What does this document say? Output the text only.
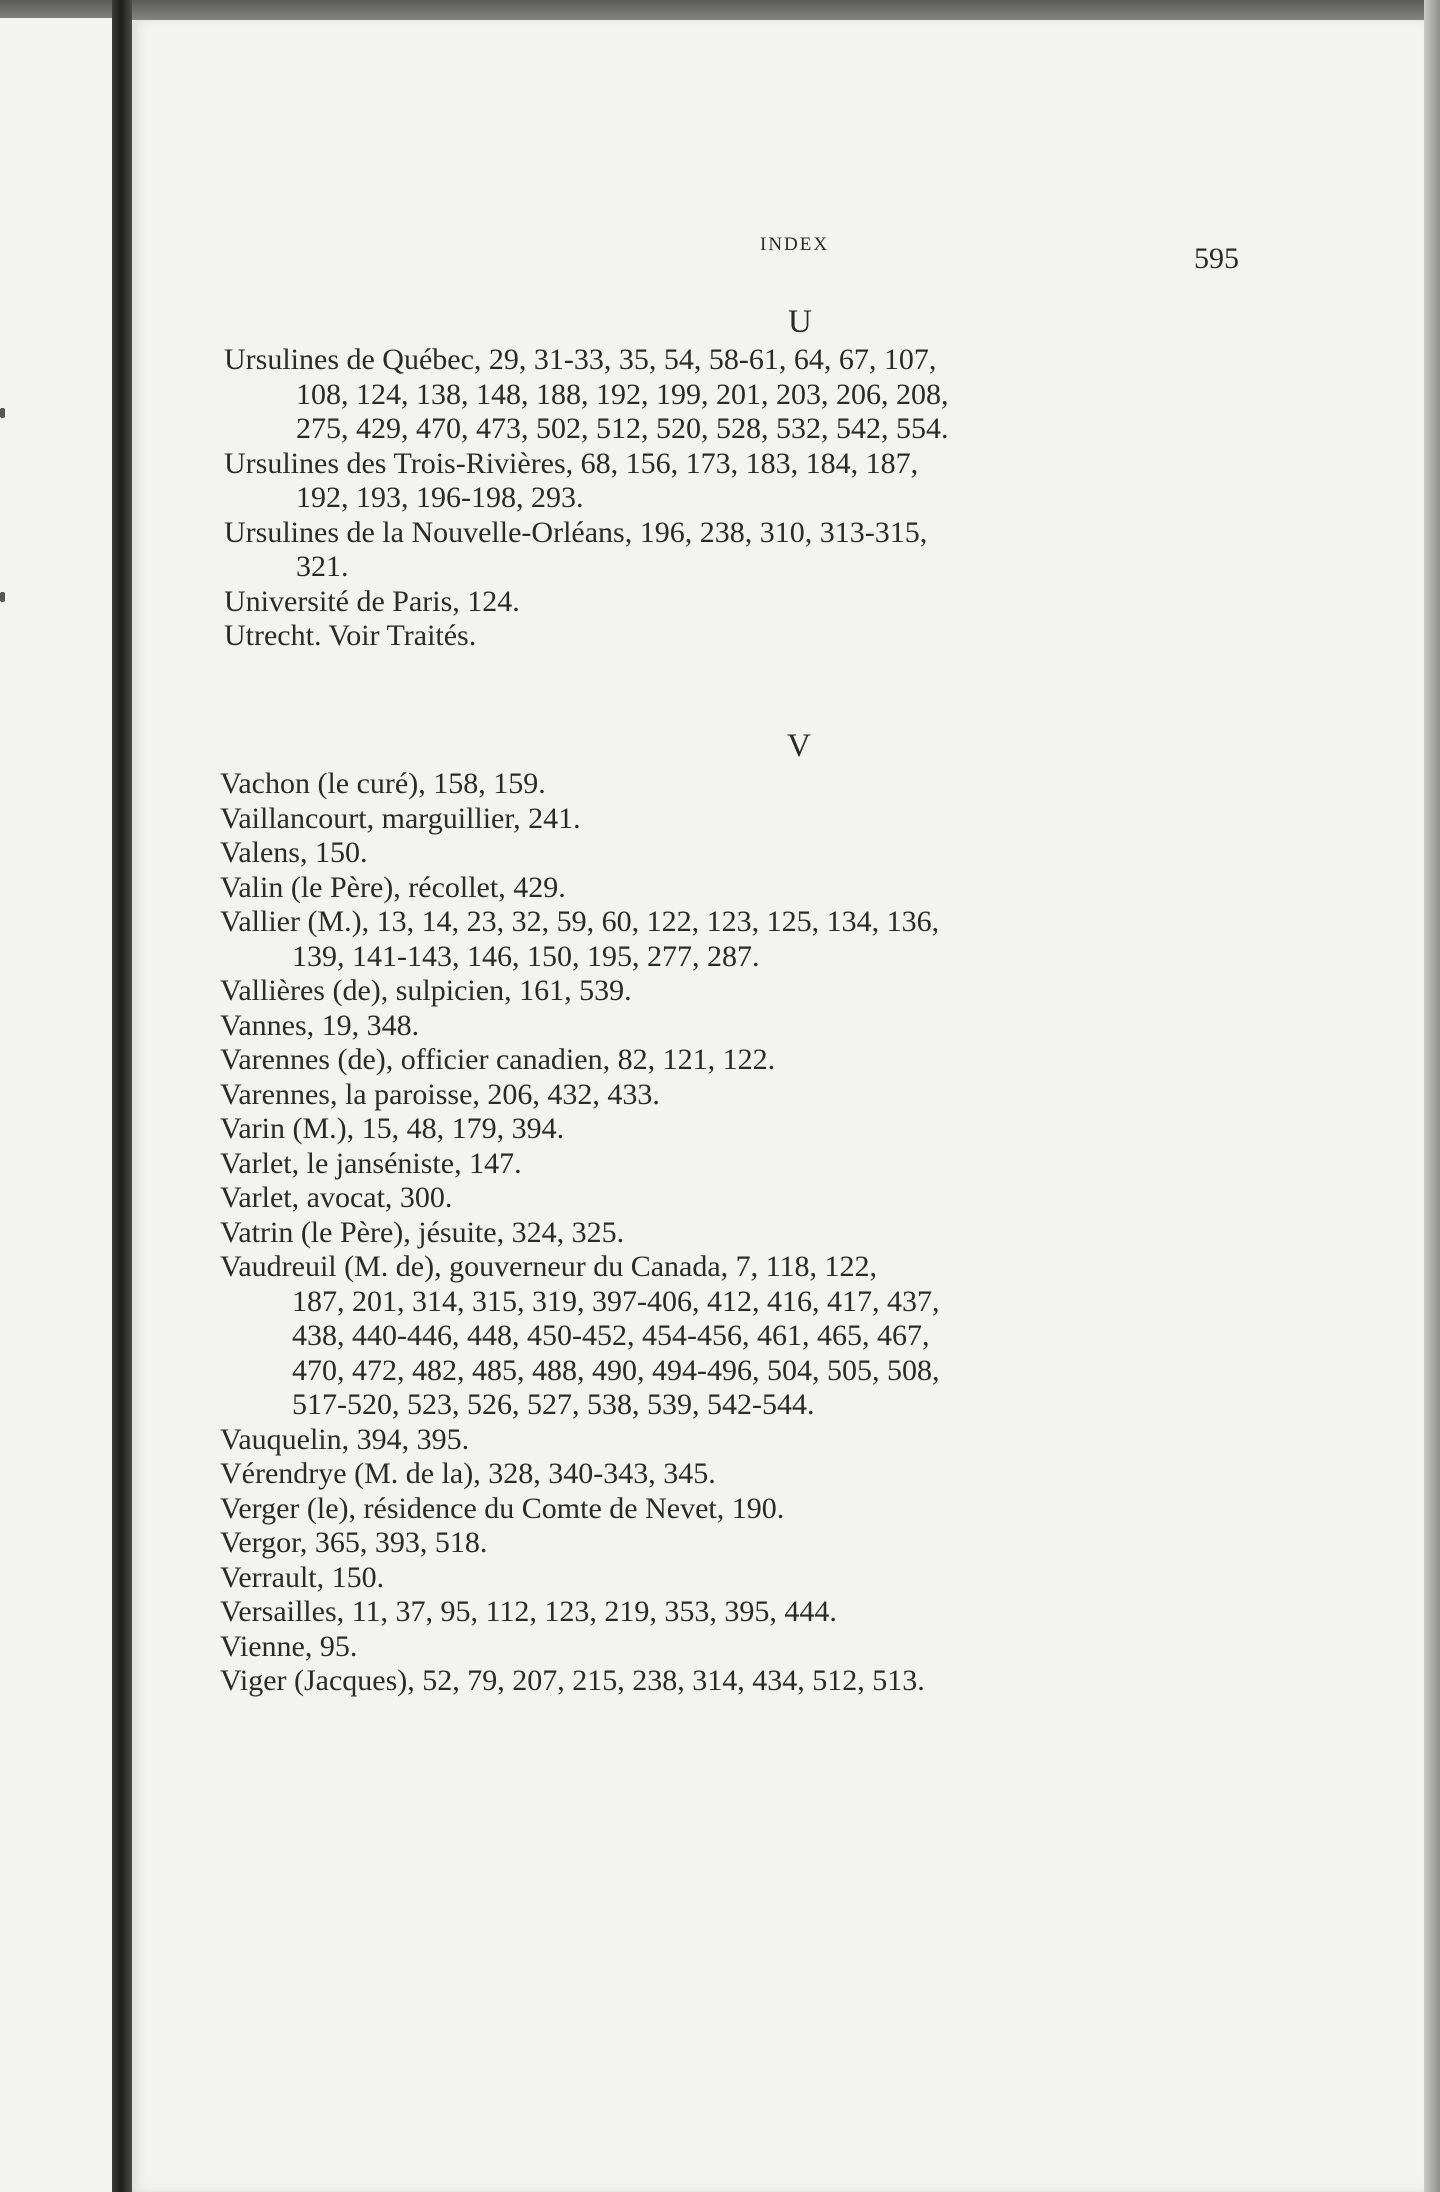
INDEX	595
U
V
Ursulines de Québec, 29, 31-33, 35, 54, 58-61, 64, 67, 107,
108, 124, 138, 148, 188, 192, 199, 201, 203, 206, 208,
275, 429, 470, 473, 502, 512, 520, 528, 532, 542, 554.
Ursulines des Trois-Rivières, 68, 156, 173, 183, 184, 187,
192, 193, 196-198, 293.
Ursulines de la Nouvelle-Orléans, 196, 238, 310, 313-315,
321.
Université de Paris, 124.
Utrecht. Voir Traités.
Vachon (le curé), 158, 159.
Vaillancourt, marguillier, 241.
Valens, 150.
Valin (le Père), récollet, 429.
Vallier (M.), 13, 14, 23, 32, 59, 60, 122, 123, 125, 134, 136,
139, 141-143, 146, 150, 195, 277, 287.
Vallières (de), sulpicien, 161, 539.
Vannes, 19, 348.
Varennes (de), officier canadien, 82, 121, 122.
Varennes, la paroisse, 206, 432, 433.
Varin (M.), 15, 48, 179, 394.
Varlet, le janséniste, 147.
Varlet, avocat, 300.
Vatrin (le Père), jésuite, 324, 325.
Vaudreuil (M. de), gouverneur du Canada, 7, 118, 122,
187, 201, 314, 315, 319, 397-406, 412, 416, 417, 437,
438, 440-446, 448, 450-452, 454-456, 461, 465, 467,
470, 472, 482, 485, 488, 490, 494-496, 504, 505, 508,
517-520, 523, 526, 527, 538, 539, 542-544.
Vauquelin, 394, 395.
Vérendrye (M. de la), 328, 340-343, 345.
Verger (le), résidence du Comte de Nevet, 190.
Vergor, 365, 393, 518.
Verrault, 150.
Versailles, 11, 37, 95, 112, 123, 219, 353, 395, 444.
Vienne, 95.
Viger (Jacques), 52, 79, 207, 215, 238, 314, 434, 512, 513.
